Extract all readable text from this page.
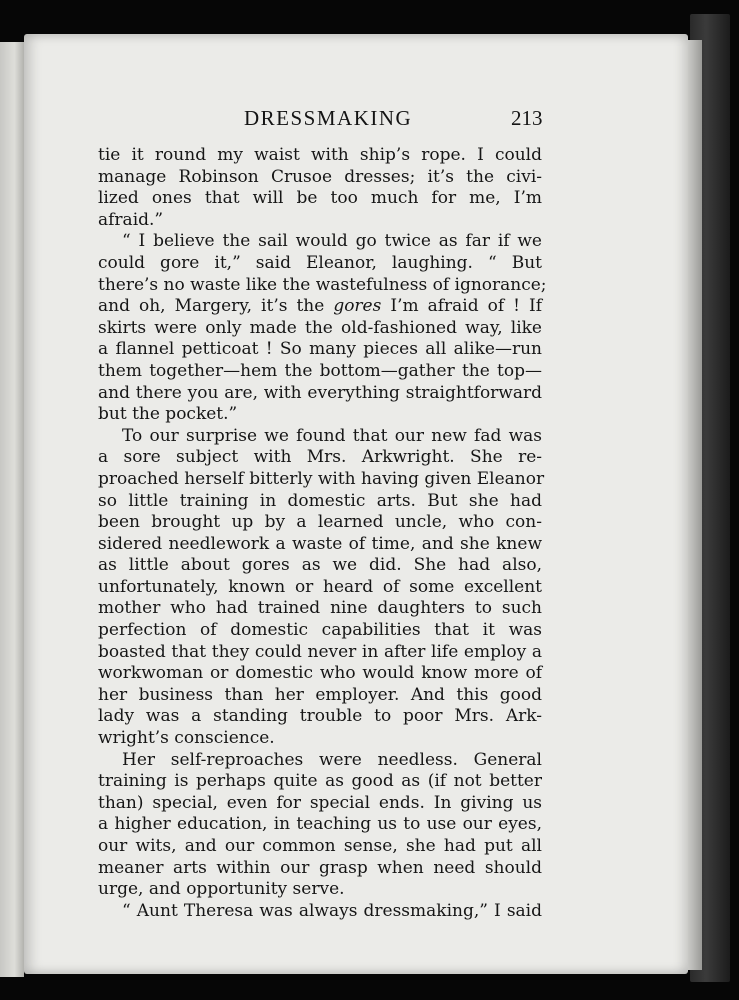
DRESSMAKING	213
tie it round my waist with ship’s rope. I could
manage Robinson Crusoe dresses; it’s the civi-
lized ones that will be too much for me, I’m
afraid.”
“ I believe the sail would go twice as far if we
could gore it,” said Eleanor, laughing. “ But
there’s no waste like the wastefulness of ignorance;
and oh, Margery, it’s the gores I’m afraid of ! If
skirts were only made the old-fashioned way, like
a flannel petticoat ! So many pieces all alike—run
them together—hem the bottom—gather the top—
and there you are, with everything straightforward
but the pocket.”
To our surprise we found that our new fad was
a sore subject with Mrs. Arkwright. She re-
proached herself bitterly with having given Eleanor
so little training in domestic arts. But she had
been brought up by a learned uncle, who con-
sidered needlework a waste of time, and she knew
as little about gores as we did. She had also,
unfortunately, known or heard of some excellent
mother who had trained nine daughters to such
perfection of domestic capabilities that it was
boasted that they could never in after life employ a
workwoman or domestic who would know more of
her business than her employer. And this good
lady was a standing trouble to poor Mrs. Ark-
wright’s conscience.
Her self-reproaches were needless. General
training is perhaps quite as good as (if not better
than) special, even for special ends. In giving us
a higher education, in teaching us to use our eyes,
our wits, and our common sense, she had put all
meaner arts within our grasp when need should
urge, and opportunity serve.
“ Aunt Theresa was always dressmaking,” I said
